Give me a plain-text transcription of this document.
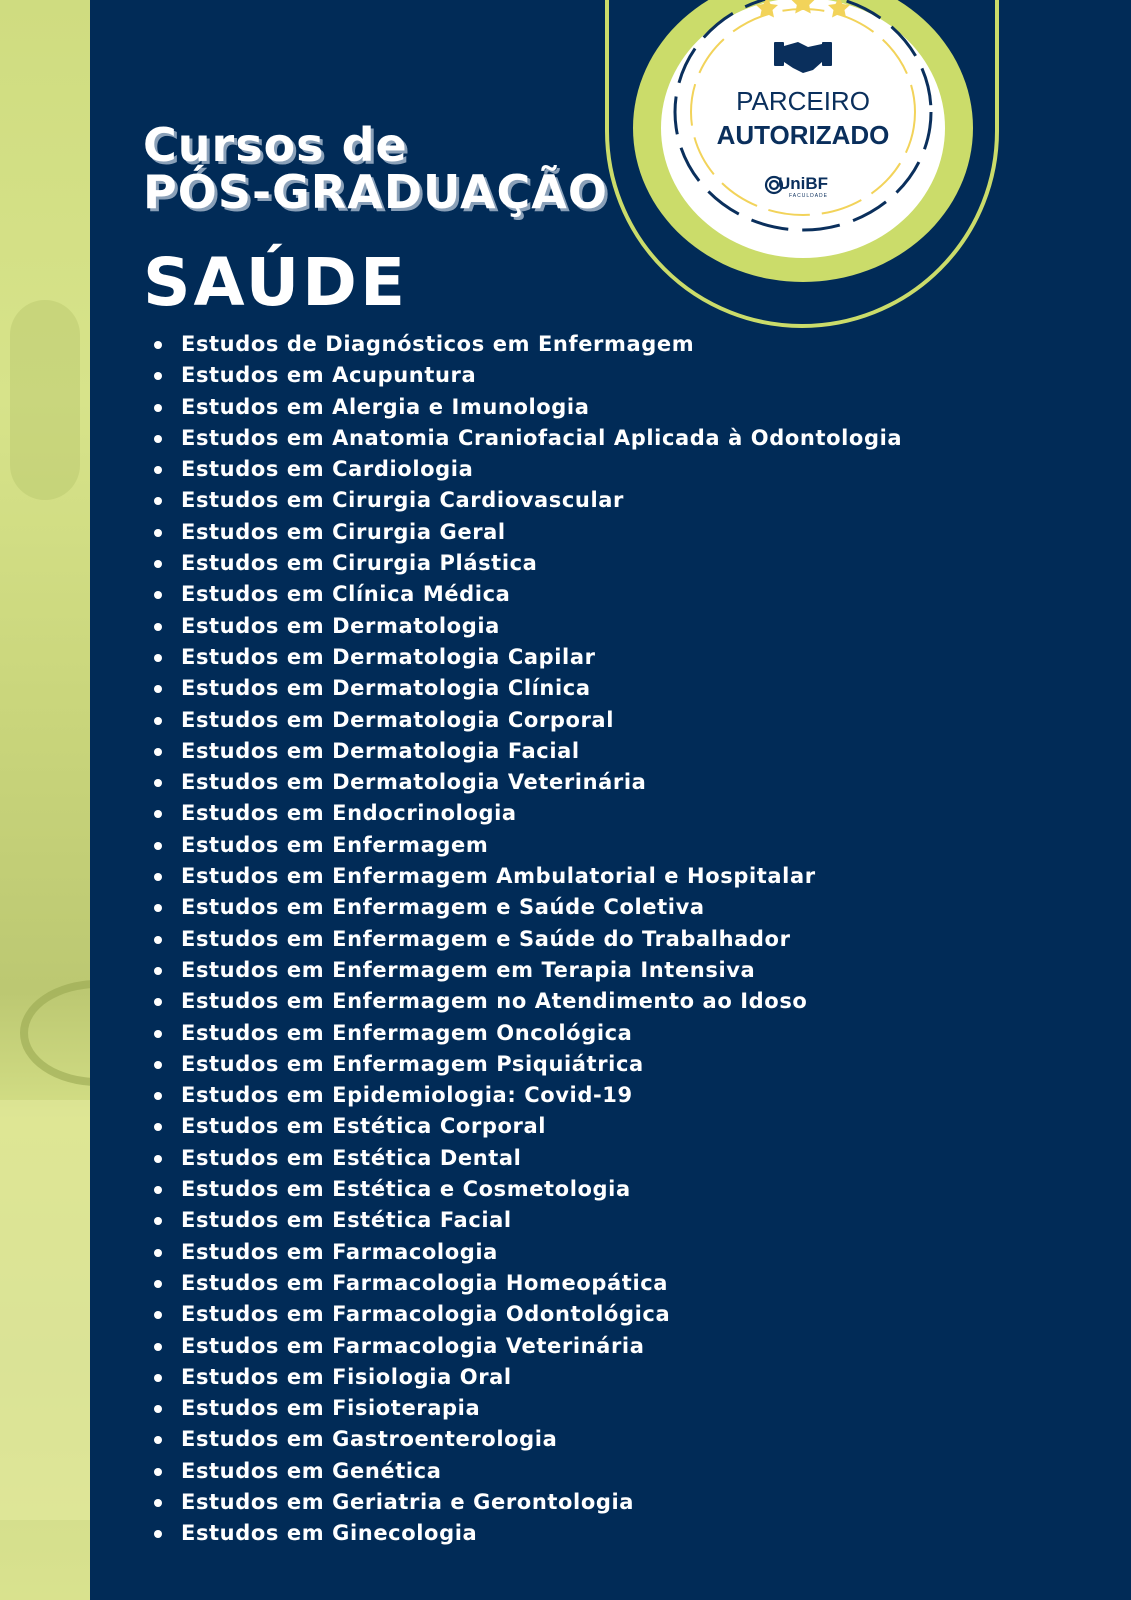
Cursos de
PÓS-GRADUAÇÃO
SAÚDE
PARCEIRO
AUTORIZADO
UniBF
FACULDADE
Estudos de Diagnósticos em Enfermagem
Estudos em Acupuntura
Estudos em Alergia e Imunologia
Estudos em Anatomia Craniofacial Aplicada à Odontologia
Estudos em Cardiologia
Estudos em Cirurgia Cardiovascular
Estudos em Cirurgia Geral
Estudos em Cirurgia Plástica
Estudos em Clínica Médica
Estudos em Dermatologia
Estudos em Dermatologia Capilar
Estudos em Dermatologia Clínica
Estudos em Dermatologia Corporal
Estudos em Dermatologia Facial
Estudos em Dermatologia Veterinária
Estudos em Endocrinologia
Estudos em Enfermagem
Estudos em Enfermagem Ambulatorial e Hospitalar
Estudos em Enfermagem e Saúde Coletiva
Estudos em Enfermagem e Saúde do Trabalhador
Estudos em Enfermagem em Terapia Intensiva
Estudos em Enfermagem no Atendimento ao Idoso
Estudos em Enfermagem Oncológica
Estudos em Enfermagem Psiquiátrica
Estudos em Epidemiologia: Covid-19
Estudos em Estética Corporal
Estudos em Estética Dental
Estudos em Estética e Cosmetologia
Estudos em Estética Facial
Estudos em Farmacologia
Estudos em Farmacologia Homeopática
Estudos em Farmacologia Odontológica
Estudos em Farmacologia Veterinária
Estudos em Fisiologia Oral
Estudos em Fisioterapia
Estudos em Gastroenterologia
Estudos em Genética
Estudos em Geriatria e Gerontologia
Estudos em Ginecologia
